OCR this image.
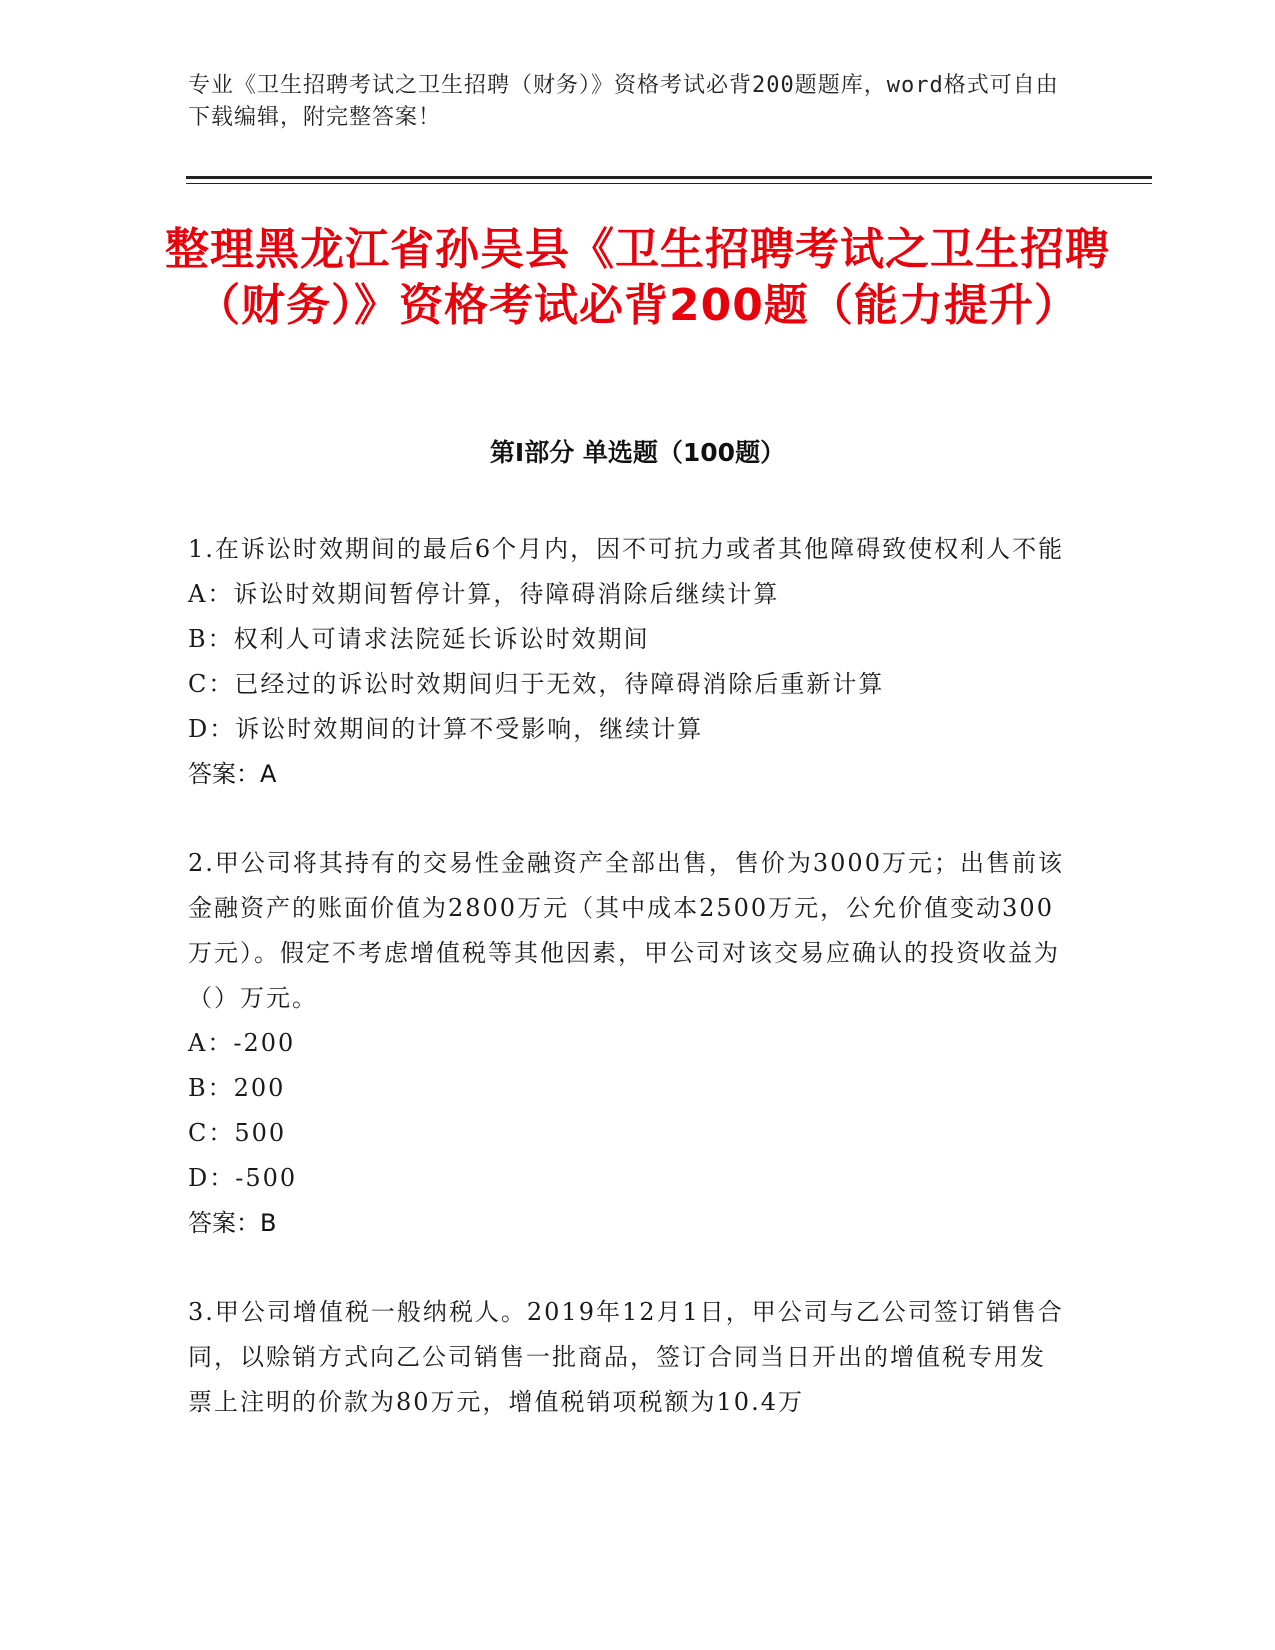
专业《卫生招聘考试之卫生招聘（财务）》资格考试必背200题题库，word格式可自由下载编辑，附完整答案！
整理黑龙江省孙吴县《卫生招聘考试之卫生招聘（财务）》资格考试必背200题（能力提升）
第Ⅰ部分 单选题（100题）

1.在诉讼时效期间的最后6个月内，因不可抗力或者其他障碍致使权利人不能

A：诉讼时效期间暂停计算，待障碍消除后继续计算

B：权利人可请求法院延长诉讼时效期间

C：已经过的诉讼时效期间归于无效，待障碍消除后重新计算

D：诉讼时效期间的计算不受影响，继续计算

答案：A

2.甲公司将其持有的交易性金融资产全部出售，售价为3000万元；出售前该金融资产的账面价值为2800万元（其中成本2500万元，公允价值变动300万元）。假定不考虑增值税等其他因素，甲公司对该交易应确认的投资收益为（）万元。

A：-200

B：200

C：500

D：-500

答案：B

3.甲公司增值税一般纳税人。2019年12月1日，甲公司与乙公司签订销售合同，以赊销方式向乙公司销售一批商品，签订合同当日开出的增值税专用发票上注明的价款为80万元，增值税销项税额为10.4万
